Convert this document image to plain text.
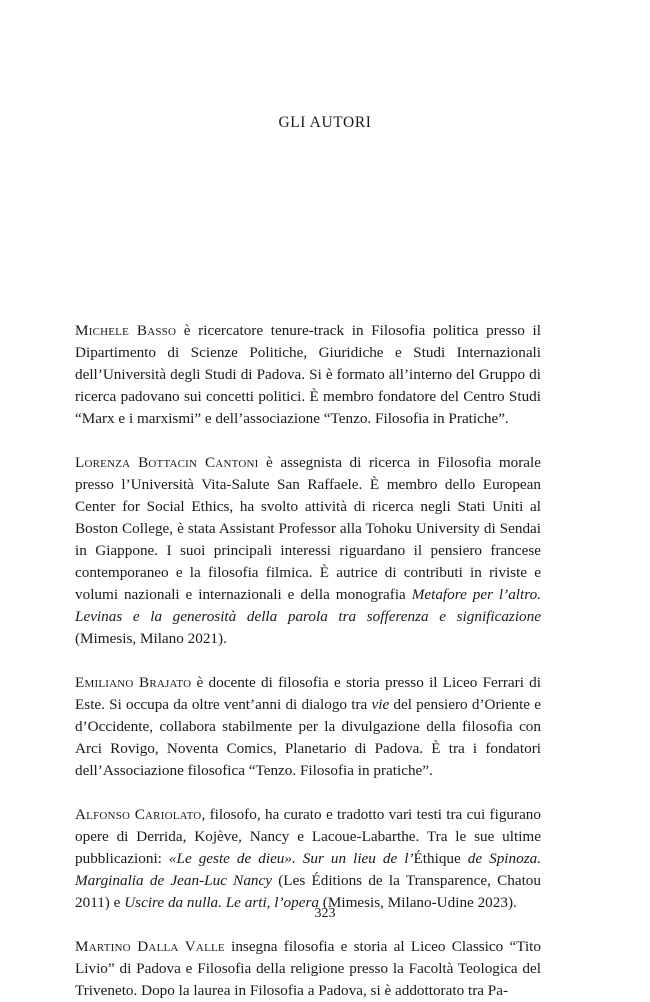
GLI AUTORI

Michele Basso è ricercatore tenure-track in Filosofia politica presso il Dipartimento di Scienze Politiche, Giuridiche e Studi Internazionali dell’Università degli Studi di Padova. Si è formato all’interno del Gruppo di ricerca padovano sui concetti politici. È membro fondatore del Centro Studi “Marx e i marxismi” e dell’associazione “Tenzo. Filosofia in Pratiche”.

Lorenza Bottacin Cantoni è assegnista di ricerca in Filosofia morale presso l’Università Vita-Salute San Raffaele. È membro dello European Center for Social Ethics, ha svolto attività di ricerca negli Stati Uniti al Boston College, è stata Assistant Professor alla Tohoku University di Sendai in Giappone. I suoi principali interessi riguardano il pensiero francese contemporaneo e la filosofia filmica. È autrice di contributi in riviste e volumi nazionali e internazionali e della monografia Metafore per l’altro. Levinas e la generosità della parola tra sofferenza e significazione (Mimesis, Milano 2021).

Emiliano Brajato è docente di filosofia e storia presso il Liceo Ferrari di Este. Si occupa da oltre vent’anni di dialogo tra vie del pensiero d’Oriente e d’Occidente, collabora stabilmente per la divulgazione della filosofia con Arci Rovigo, Noventa Comics, Planetario di Padova. È tra i fondatori dell’Associazione filosofica “Tenzo. Filosofia in pratiche”.

Alfonso Cariolato, filosofo, ha curato e tradotto vari testi tra cui figurano opere di Derrida, Kojève, Nancy e Lacoue-Labarthe. Tra le sue ultime pubblicazioni: «Le geste de dieu». Sur un lieu de l’Éthique de Spinoza. Marginalia de Jean-Luc Nancy (Les Éditions de la Transparence, Chatou 2011) e Uscire da nulla. Le arti, l’opera (Mimesis, Milano-Udine 2023).

Martino Dalla Valle insegna filosofia e storia al Liceo Classico “Tito Livio” di Padova e Filosofia della religione presso la Facoltà Teologica del Triveneto. Dopo la laurea in Filosofia a Padova, si è addottorato tra Pa-

323
